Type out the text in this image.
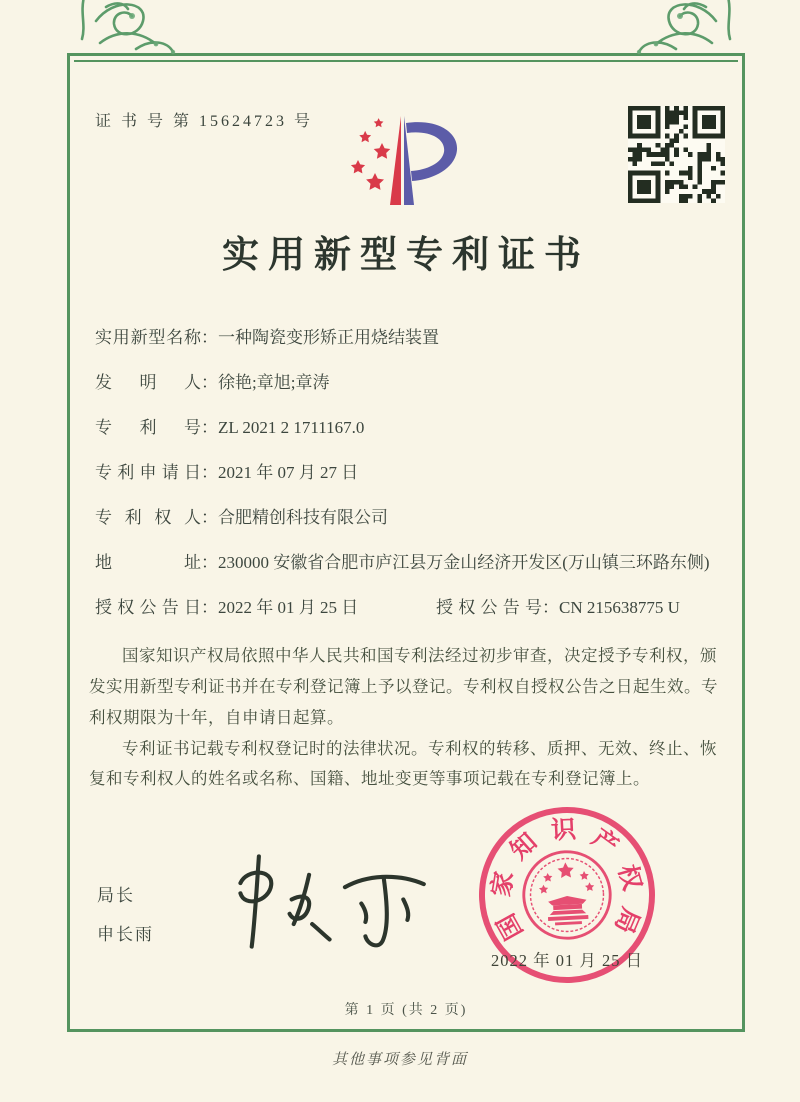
证 书 号 第 15624723 号
实用新型专利证书
实用新型名称 ： 一种陶瓷变形矫正用烧结装置
发明人 ： 徐艳;章旭;章涛
专利号 ： ZL 2021 2 1711167.0
专利申请日 ： 2021 年 07 月 27 日
专利权人 ： 合肥精创科技有限公司
地址 ： 230000 安徽省合肥市庐江县万金山经济开发区(万山镇三环路东侧)
授权公告日 ： 2022 年 01 月 25 日	授权公告号 ： CN 215638775 U

国家知识产权局依照中华人民共和国专利法经过初步审查，决定授予专利权，颁发实用新型专利证书并在专利登记簿上予以登记。专利权自授权公告之日起生效。专利权期限为十年，自申请日起算。

专利证书记载专利权登记时的法律状况。专利权的转移、质押、无效、终止、恢复和专利权人的姓名或名称、国籍、地址变更等事项记载在专利登记簿上。

局长
申长雨	国
家
知 识 产
权
局
2022 年 01 月 25 日
第 1 页 (共 2 页)
其他事项参见背面
